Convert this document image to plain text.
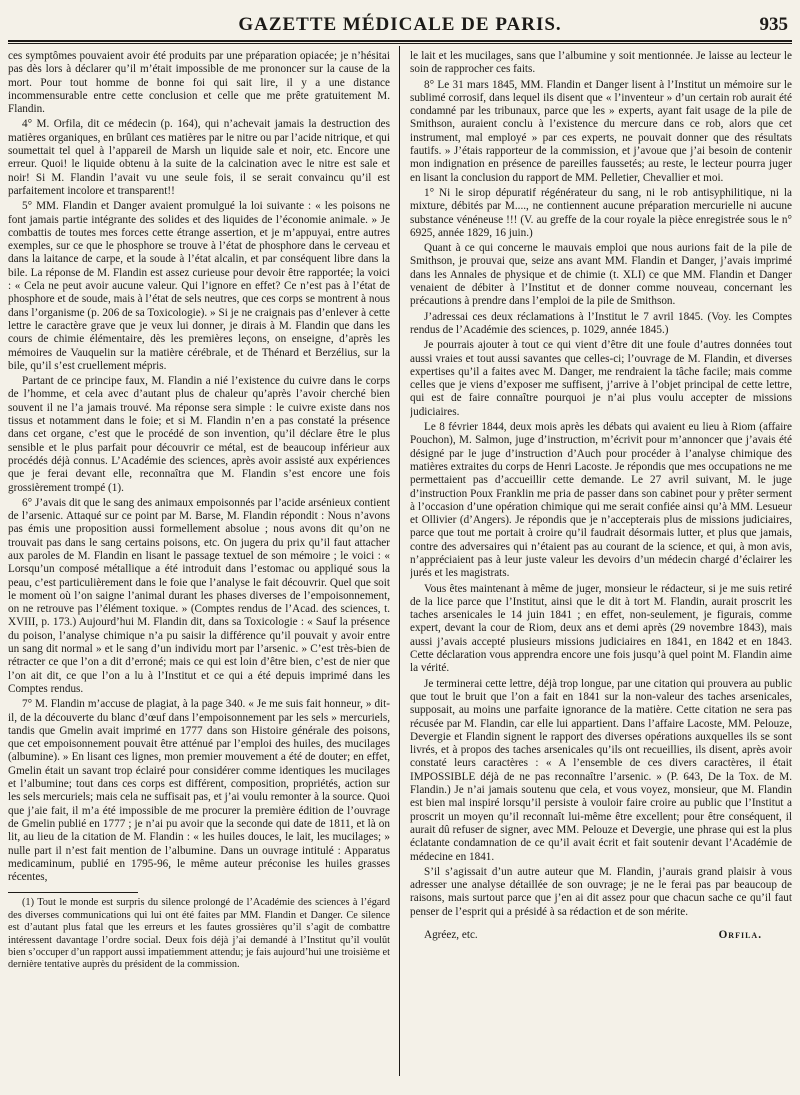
GAZETTE MÉDICALE DE PARIS.	935

ces symptômes pouvaient avoir été produits par une préparation opiacée; je n’hésitai pas dès lors à déclarer qu’il m’était impossible de me prononcer sur la cause de la mort. Pour tout homme de bonne foi qui sait lire, il y a une distance incommensurable entre cette conclusion et celle que me prête gratuitement M. Flandin.

4° M. Orfila, dit ce médecin (p. 164), qui n’achevait jamais la destruction des matières organiques, en brûlant ces matières par le nitre ou par l’acide nitrique, et qui soumettait tel quel à l’appareil de Marsh un liquide sale et noir, etc. Encore une erreur. Quoi! le liquide obtenu à la suite de la calcination avec le nitre est sale et noir! Si M. Flandin l’avait vu une seule fois, il se serait convaincu qu’il est parfaitement incolore et transparent!!

5° MM. Flandin et Danger avaient promulgué la loi suivante : « les poisons ne font jamais partie intégrante des solides et des liquides de l’économie animale. » Je combattis de toutes mes forces cette étrange assertion, et je m’appuyai, entre autres exemples, sur ce que le phosphore se trouve à l’état de phosphore dans le cerveau et dans la laitance de carpe, et la soude à l’état alcalin, et par conséquent libre dans la bile. La réponse de M. Flandin est assez curieuse pour devoir être rapportée; la voici : « Cela ne peut avoir aucune valeur. Qui l’ignore en effet? Ce n’est pas à l’état de phosphore et de soude, mais à l’état de sels neutres, que ces corps se montrent à nous dans l’organisme (p. 206 de sa Toxicologie). » Si je ne craignais pas d’enlever à cette lettre le caractère grave que je veux lui donner, je dirais à M. Flandin que dans les cours de chimie élémentaire, dès les premières leçons, on enseigne, d’après les mémoires de Vauquelin sur la matière cérébrale, et de Thénard et Berzélius, sur la bile, qu’il s’est cruellement mépris.

Partant de ce principe faux, M. Flandin a nié l’existence du cuivre dans le corps de l’homme, et cela avec d’autant plus de chaleur qu’après l’avoir cherché bien souvent il ne l’a jamais trouvé. Ma réponse sera simple : le cuivre existe dans nos tissus et notamment dans le foie; et si M. Flandin n’en a pas constaté la présence dans cet organe, c’est que le procédé de son invention, qu’il déclare être le plus sensible et le plus parfait pour découvrir ce métal, est de beaucoup inférieur aux procédés déjà connus. L’Académie des sciences, après avoir assisté aux expériences que je ferai devant elle, reconnaîtra que M. Flandin s’est encore une fois grossièrement trompé (1).

6° J’avais dit que le sang des animaux empoisonnés par l’acide arsénieux contient de l’arsenic. Attaqué sur ce point par M. Barse, M. Flandin répondit : Nous n’avons pas émis une proposition aussi formellement absolue ; nous avons dit qu’on ne trouvait pas dans le sang certains poisons, etc. On jugera du prix qu’il faut attacher aux paroles de M. Flandin en lisant le passage textuel de son mémoire ; le voici : « Lorsqu’un composé métallique a été introduit dans l’estomac ou appliqué sous la peau, c’est particulièrement dans le foie que l’analyse le fait découvrir. Quel que soit le moment où l’on saigne l’animal durant les phases diverses de l’empoisonnement, on ne retrouve pas l’élément toxique. » (Comptes rendus de l’Acad. des sciences, t. XVIII, p. 173.) Aujourd’hui M. Flandin dit, dans sa Toxicologie : « Sauf la présence du poison, l’analyse chimique n’a pu saisir la différence qu’il pouvait y avoir entre un sang dit normal » et le sang d’un individu mort par l’arsenic. » C’est très-bien de rétracter ce que l’on a dit d’erroné; mais ce qui est loin d’être bien, c’est de nier que l’on ait dit, ce que l’on a lu à l’Institut et ce qui a été depuis imprimé dans les Comptes rendus.

7° M. Flandin m’accuse de plagiat, à la page 340. « Je me suis fait honneur, » dit-il, de la découverte du blanc d’œuf dans l’empoisonnement par les sels » mercuriels, tandis que Gmelin avait imprimé en 1777 dans son Histoire générale des poisons, que cet empoisonnement pouvait être atténué par l’emploi des huiles, des mucilages (albumine). » En lisant ces lignes, mon premier mouvement a été de douter; en effet, Gmelin était un savant trop éclairé pour considérer comme identiques les mucilages et l’albumine; tout dans ces corps est différent, composition, propriétés, action sur les sels mercuriels; mais cela ne suffisait pas, et j’ai voulu remonter à la source. Quoi que j’aie fait, il m’a été impossible de me procurer la première édition de l’ouvrage de Gmelin publié en 1777 ; je n’ai pu avoir que la seconde qui date de 1811, et là on lit, au lieu de la citation de M. Flandin : « les huiles douces, le lait, les mucilages; » nulle part il n’est fait mention de l’albumine. Dans un ouvrage intitulé : Apparatus medicaminum, publié en 1795-96, le même auteur préconise les huiles grasses récentes,

(1) Tout le monde est surpris du silence prolongé de l’Académie des sciences à l’égard des diverses communications qui lui ont été faites par MM. Flandin et Danger. Ce silence est d’autant plus fatal que les erreurs et les fautes grossières qu’il s’agit de combattre intéressent davantage l’ordre social. Deux fois déjà j’ai demandé à l’Institut qu’il voulût bien s’occuper d’un rapport aussi impatiemment attendu; je fais aujourd’hui une troisième et dernière tentative auprès du président de la commission.

le lait et les mucilages, sans que l’albumine y soit mentionnée. Je laisse au lecteur le soin de rapprocher ces faits.

8° Le 31 mars 1845, MM. Flandin et Danger lisent à l’Institut un mémoire sur le sublimé corrosif, dans lequel ils disent que « l’inventeur » d’un certain rob aurait été condamné par les tribunaux, parce que les » experts, ayant fait usage de la pile de Smithson, auraient conclu à l’existence du mercure dans ce rob, alors que cet instrument, mal employé » par ces experts, ne pouvait donner que des résultats fautifs. » J’étais rapporteur de la commission, et j’avoue que j’ai besoin de contenir mon indignation en présence de pareilles faussetés; au reste, le lecteur pourra juger en lisant la conclusion du rapport de MM. Pelletier, Chevallier et moi.

1° Ni le sirop dépuratif régénérateur du sang, ni le rob antisyphilitique, ni la mixture, débités par M...., ne contiennent aucune préparation mercurielle ni aucune substance vénéneuse !!! (V. au greffe de la cour royale la pièce enregistrée sous le n° 6925, année 1829, 16 juin.)

Quant à ce qui concerne le mauvais emploi que nous aurions fait de la pile de Smithson, je prouvai que, seize ans avant MM. Flandin et Danger, j’avais imprimé dans les Annales de physique et de chimie (t. XLI) ce que MM. Flandin et Danger venaient de débiter à l’Institut et de donner comme nouveau, concernant les précautions à prendre dans l’emploi de la pile de Smithson.

J’adressai ces deux réclamations à l’Institut le 7 avril 1845. (Voy. les Comptes rendus de l’Académie des sciences, p. 1029, année 1845.)

Je pourrais ajouter à tout ce qui vient d’être dit une foule d’autres données tout aussi vraies et tout aussi savantes que celles-ci; l’ouvrage de M. Flandin, et diverses expertises qu’il a faites avec M. Danger, me rendraient la tâche facile; mais comme celles que je viens d’exposer me suffisent, j’arrive à l’objet principal de cette lettre, qui est de faire connaître pourquoi je n’ai plus voulu accepter de missions judiciaires.

Le 8 février 1844, deux mois après les débats qui avaient eu lieu à Riom (affaire Pouchon), M. Salmon, juge d’instruction, m’écrivit pour m’annoncer que j’avais été désigné par le juge d’instruction d’Auch pour procéder à l’analyse chimique des matières extraites du corps de Henri Lacoste. Je répondis que mes occupations ne me permettaient pas d’accueillir cette demande. Le 27 avril suivant, M. le juge d’instruction Poux Franklin me pria de passer dans son cabinet pour y prêter serment à l’occasion d’une opération chimique qui me serait confiée ainsi qu’à MM. Lesueur et Ollivier (d’Angers). Je répondis que je n’accepterais plus de missions judiciaires, parce que tout me portait à croire qu’il faudrait désormais lutter, et plus que jamais, contre des adversaires qui n’étaient pas au courant de la science, et qui, à mon avis, n’appréciaient pas à leur juste valeur les devoirs d’un médecin chargé d’éclairer les jurés et les magistrats.

Vous êtes maintenant à même de juger, monsieur le rédacteur, si je me suis retiré de la lice parce que l’Institut, ainsi que le dit à tort M. Flandin, aurait proscrit les taches arsenicales le 14 juin 1841 ; en effet, non-seulement, je figurais, comme expert, devant la cour de Riom, deux ans et demi après (29 novembre 1843), mais aussi j’avais accepté plusieurs missions judiciaires en 1841, en 1842 et en 1843. Cette déclaration vous apprendra encore une fois jusqu’à quel point M. Flandin aime la vérité.

Je terminerai cette lettre, déjà trop longue, par une citation qui prouvera au public que tout le bruit que l’on a fait en 1841 sur la non-valeur des taches arsenicales, supposait, au moins une parfaite ignorance de la matière. Cette citation ne sera pas récusée par M. Flandin, car elle lui appartient. Dans l’affaire Lacoste, MM. Pelouze, Devergie et Flandin signent le rapport des diverses opérations auxquelles ils se sont livrés, et à propos des taches arsenicales qu’ils ont recueillies, ils disent, après avoir constaté leurs caractères : « A l’ensemble de ces divers caractères, il était IMPOSSIBLE déjà de ne pas reconnaître l’arsenic. » (P. 643, De la Tox. de M. Flandin.) Je n’ai jamais soutenu que cela, et vous voyez, monsieur, que M. Flandin est bien mal inspiré lorsqu’il persiste à vouloir faire croire au public que l’Institut a proscrit un moyen qu’il reconnaît lui-même être excellent; pour être conséquent, il aurait dû refuser de signer, avec MM. Pelouze et Devergie, une phrase qui est la plus éclatante condamnation de ce qu’il avait écrit et fait soutenir devant l’Académie de médecine en 1841.

S’il s’agissait d’un autre auteur que M. Flandin, j’aurais grand plaisir à vous adresser une analyse détaillée de son ouvrage; je ne le ferai pas par beaucoup de raisons, mais surtout parce que j’en ai dit assez pour que chacun sache ce qu’il faut penser de l’esprit qui a présidé à sa rédaction et de son mérite.

Agréez, etc.	Orfila.
